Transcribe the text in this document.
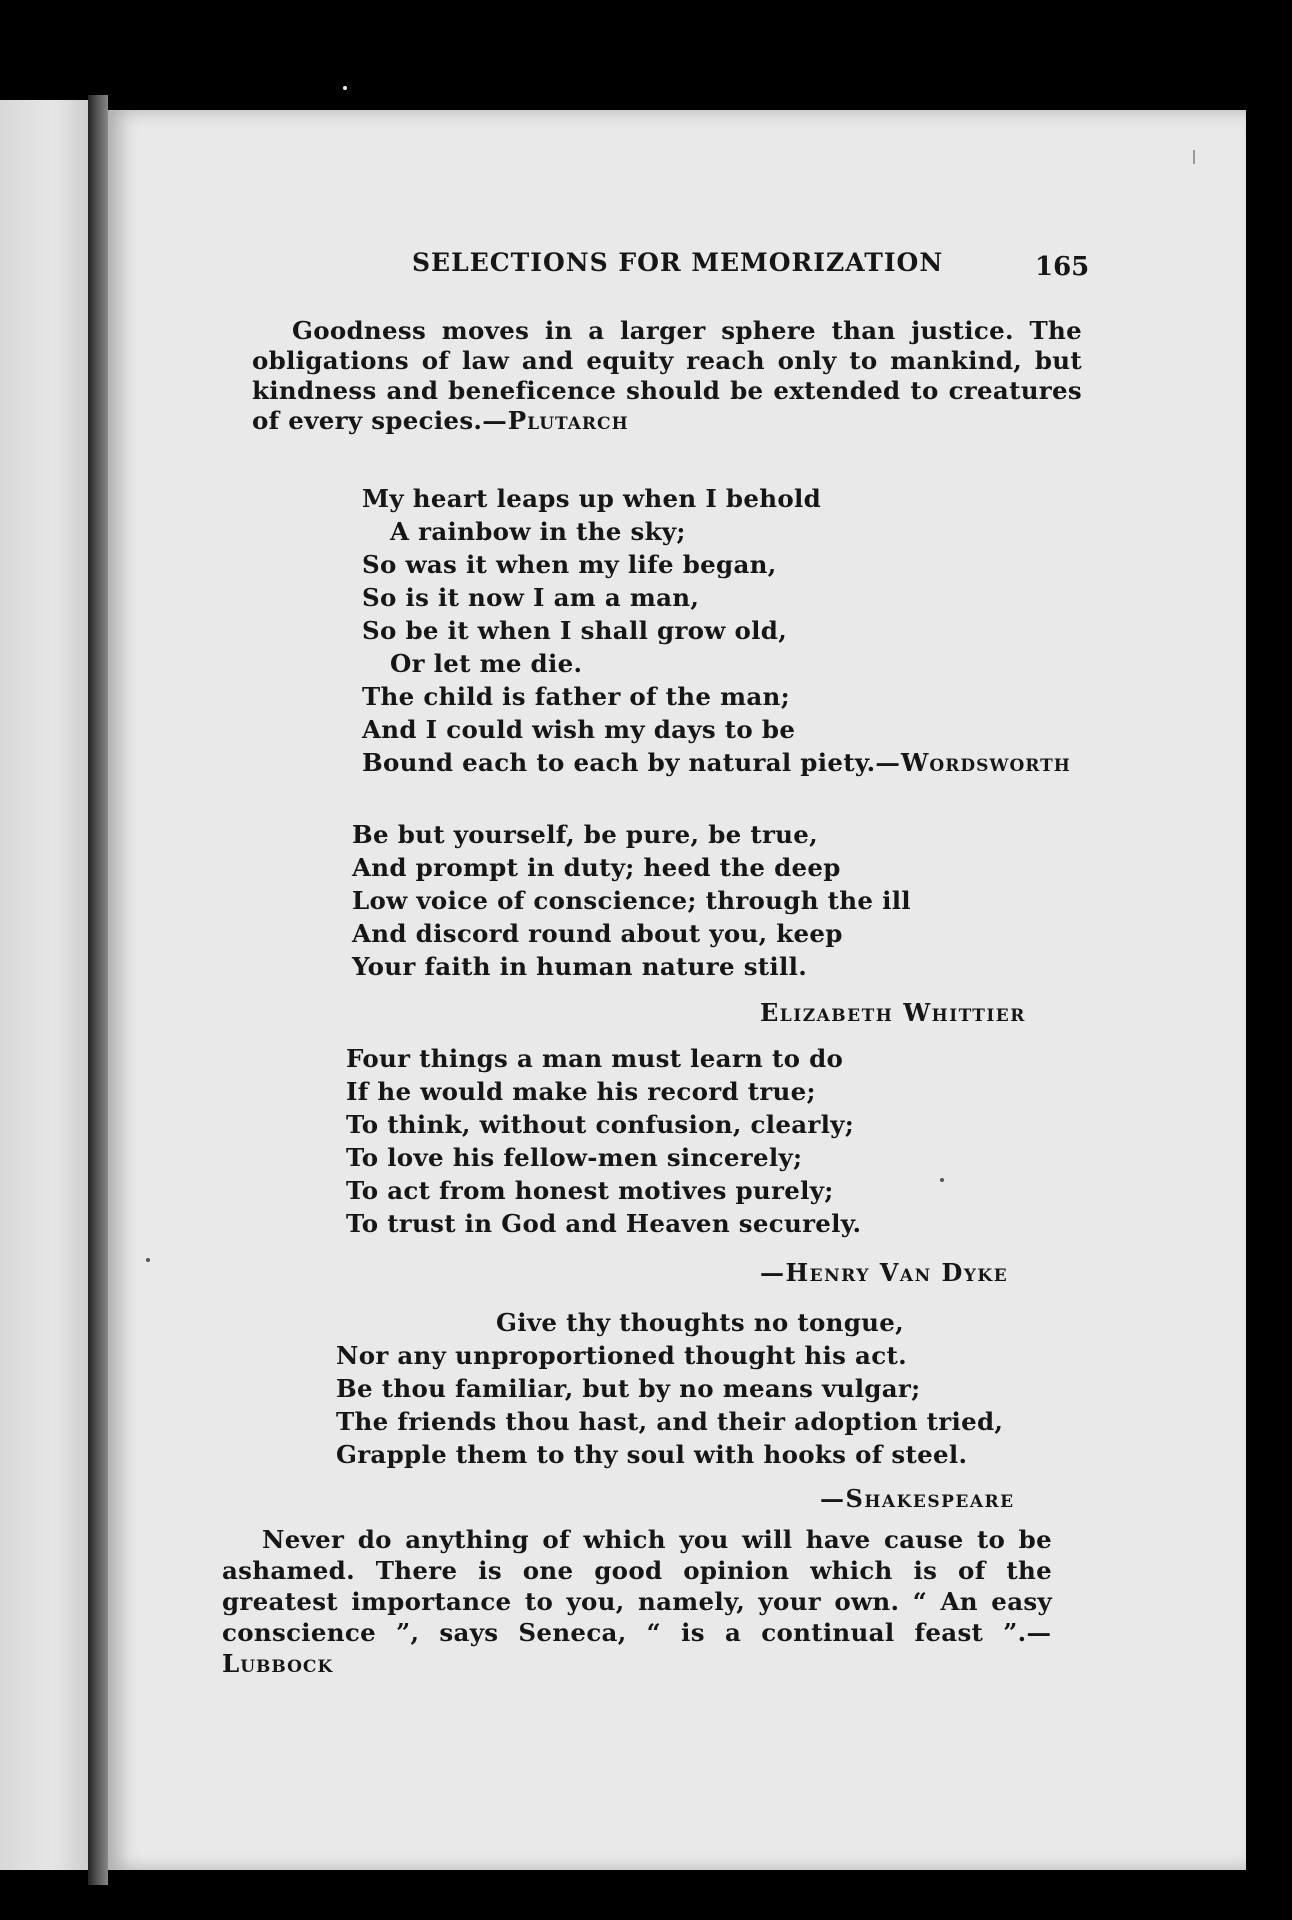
SELECTIONS FOR MEMORIZATION	165
Goodness moves in a larger sphere than justice. The obligations of law and equity reach only to mankind, but kindness and beneficence should be extended to creatures of every species.—Plutarch
My heart leaps up when I behold
A rainbow in the sky;
So was it when my life began,
So is it now I am a man,
So be it when I shall grow old,
Or let me die.
The child is father of the man;
And I could wish my days to be
Bound each to each by natural piety.—Wordsworth
Be but yourself, be pure, be true,
And prompt in duty; heed the deep
Low voice of conscience; through the ill
And discord round about you, keep
Your faith in human nature still.
Elizabeth Whittier
Four things a man must learn to do
If he would make his record true;
To think, without confusion, clearly;
To love his fellow-men sincerely;
To act from honest motives purely;
To trust in God and Heaven securely.
—Henry Van Dyke
Give thy thoughts no tongue,
Nor any unproportioned thought his act.
Be thou familiar, but by no means vulgar;
The friends thou hast, and their adoption tried,
Grapple them to thy soul with hooks of steel.
—Shakespeare
Never do anything of which you will have cause to be ashamed. There is one good opinion which is of the greatest importance to you, namely, your own. “ An easy conscience ”, says Seneca, “ is a continual feast ”.—Lubbock
